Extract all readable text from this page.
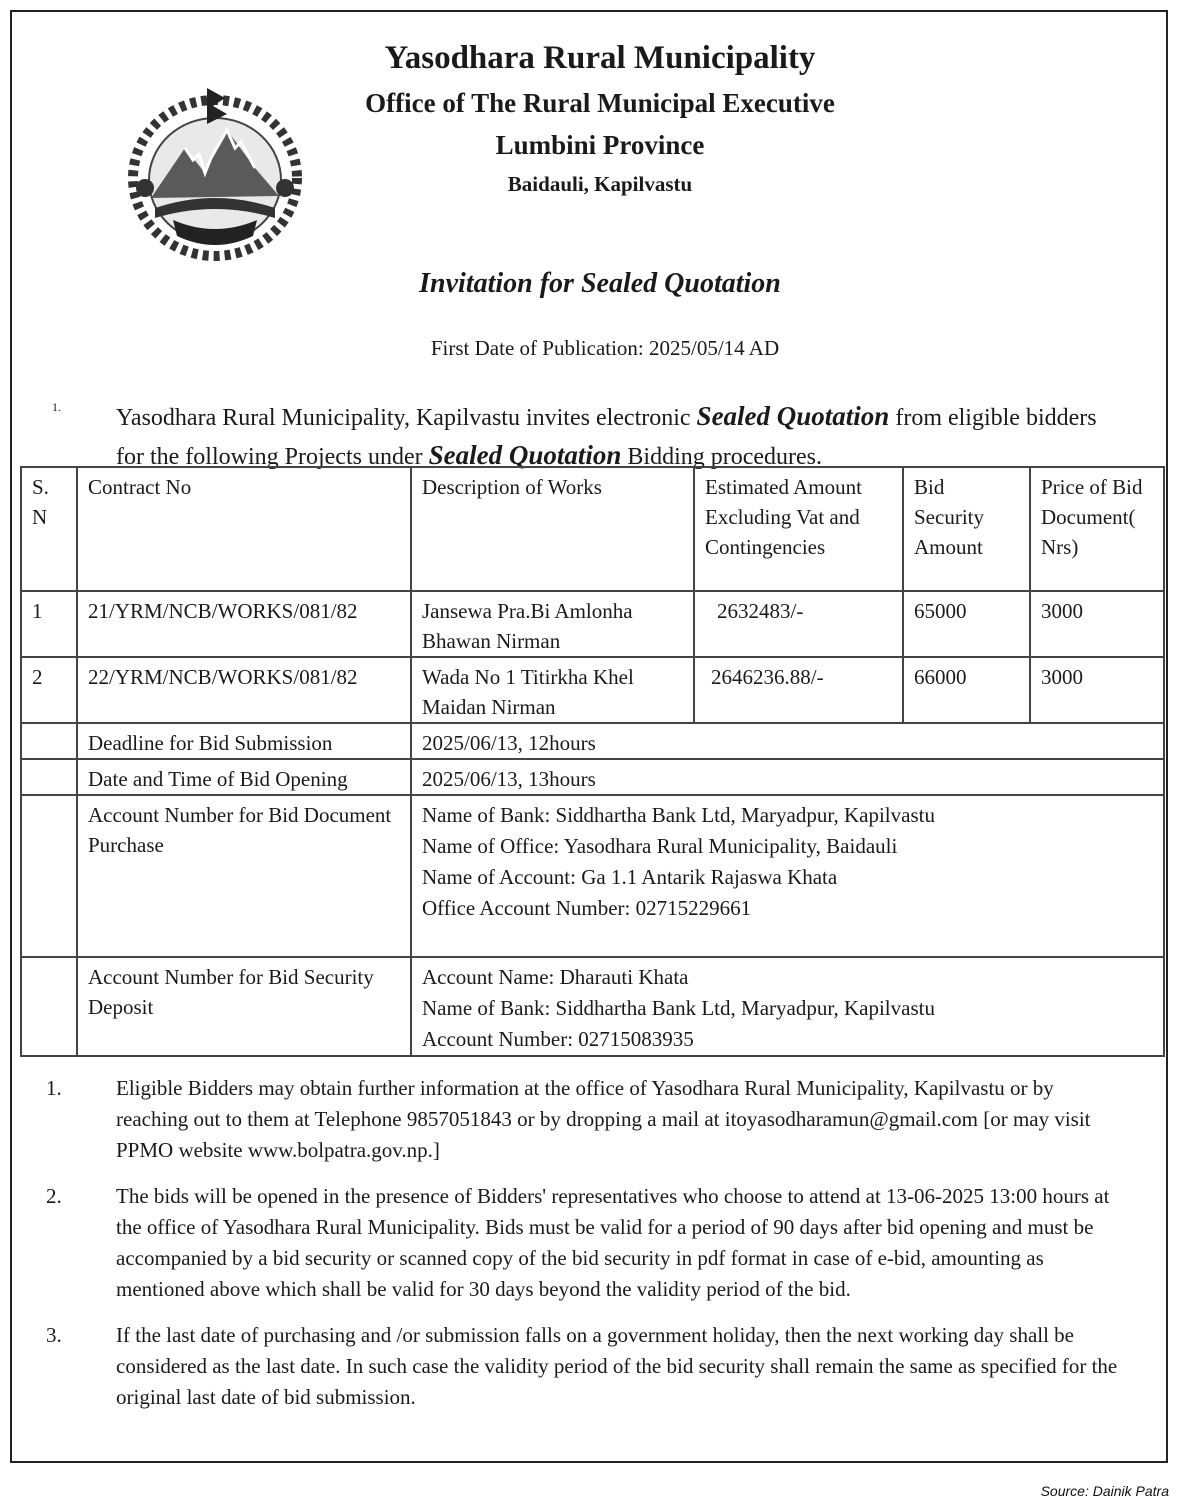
Yasodhara Rural Municipality
Office of The Rural Municipal Executive
Lumbini Province
Baidauli, Kapilvastu
Invitation for Sealed Quotation
First Date of Publication: 2025/05/14 AD
1. Yasodhara Rural Municipality, Kapilvastu invites electronic Sealed Quotation from eligible bidders for the following Projects under Sealed Quotation Bidding procedures.
S. N	Contract No	Description of Works	Estimated Amount Excluding Vat and Contingencies	Bid Security Amount	Price of Bid Document( Nrs)
1	21/YRM/NCB/WORKS/081/82	Jansewa Pra.Bi Amlonha Bhawan Nirman	2632483/-	65000	3000
2	22/YRM/NCB/WORKS/081/82	Wada No 1 Titirkha Khel Maidan Nirman	2646236.88/-	66000	3000
	Deadline for Bid Submission	2025/06/13, 12hours			
	Date and Time of Bid Opening	2025/06/13, 13hours			
	Account Number for Bid Document Purchase	Name of Bank: Siddhartha Bank Ltd, Maryadpur, Kapilvastu
Name of Office: Yasodhara Rural Municipality, Baidauli
Name of Account: Ga 1.1 Antarik Rajaswa Khata
Office Account Number: 02715229661			

	Account Number for Bid Security Deposit	Account Name: Dharauti Khata
Name of Bank: Siddhartha Bank Ltd, Maryadpur, Kapilvastu
Account Number: 02715083935			
1.	Eligible Bidders may obtain further information at the office of Yasodhara Rural Municipality, Kapilvastu or by reaching out to them at Telephone 9857051843 or by dropping a mail at itoyasodharamun@gmail.com [or may visit PPMO website www.bolpatra.gov.np.]
2.	The bids will be opened in the presence of Bidders' representatives who choose to attend at 13-06-2025 13:00 hours at the office of Yasodhara Rural Municipality. Bids must be valid for a period of 90 days after bid opening and must be accompanied by a bid security or scanned copy of the bid security in pdf format in case of e-bid, amounting as mentioned above which shall be valid for 30 days beyond the validity period of the bid.
3.	If the last date of purchasing and /or submission falls on a government holiday, then the next working day shall be considered as the last date. In such case the validity period of the bid security shall remain the same as specified for the original last date of bid submission.
Source: Dainik Patra
